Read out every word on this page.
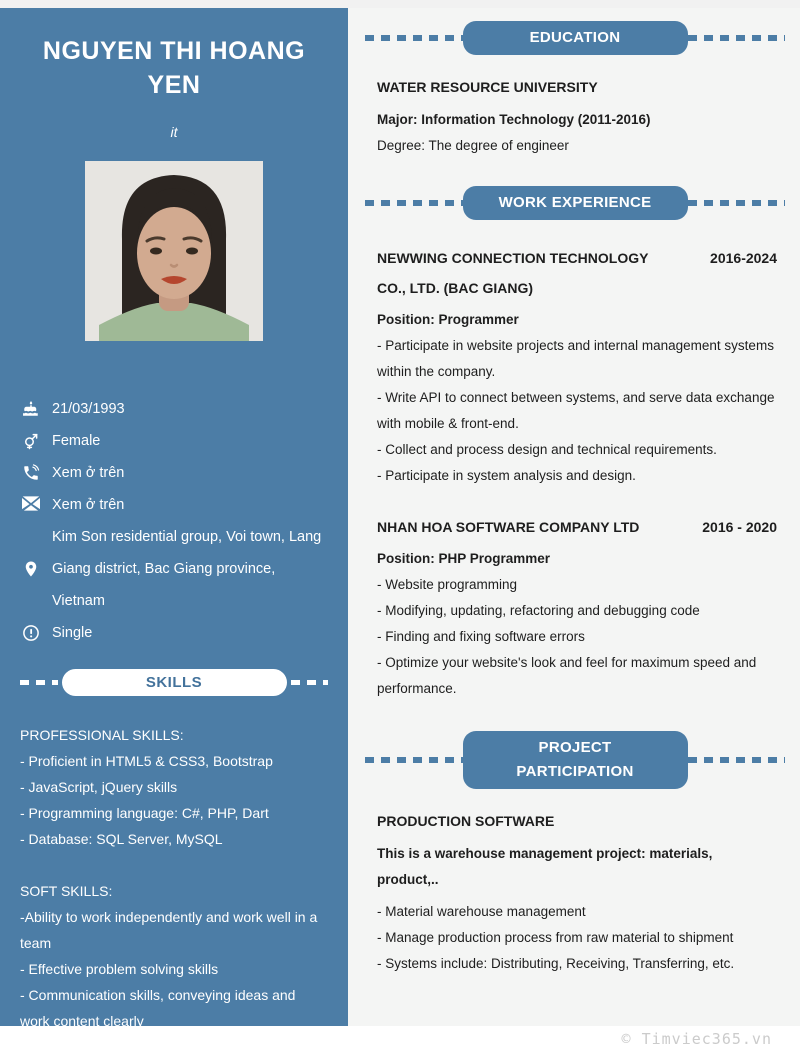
NGUYEN THI HOANG YEN
it
21/03/1993
Female
Xem ở trên
Xem ở trên
Kim Son residential group, Voi town, Lang Giang district, Bac Giang province, Vietnam
Single
SKILLS
PROFESSIONAL SKILLS:
- Proficient in HTML5 & CSS3, Bootstrap
- JavaScript, jQuery skills
- Programming language: C#, PHP, Dart
- Database: SQL Server, MySQL
SOFT SKILLS:
-Ability to work independently and work well in a team
- Effective problem solving skills
- Communication skills, conveying ideas and work content clearly
EDUCATION
WATER RESOURCE UNIVERSITY
Major: Information Technology (2011-2016)
Degree: The degree of engineer
WORK EXPERIENCE
NEWWING CONNECTION TECHNOLOGY CO., LTD. (BAC GIANG)
2016-2024
Position: Programmer
- Participate in website projects and internal management systems within the company.
- Write API to connect between systems, and serve data exchange with mobile & front-end.
- Collect and process design and technical requirements.
- Participate in system analysis and design.
NHAN HOA SOFTWARE COMPANY LTD	2016 - 2020
Position: PHP Programmer
- Website programming
- Modifying, updating, refactoring and debugging code
- Finding and fixing software errors
- Optimize your website's look and feel for maximum speed and performance.
PROJECT PARTICIPATION
PRODUCTION SOFTWARE
This is a warehouse management project: materials, product,..
- Material warehouse management
- Manage production process from raw material to shipment
- Systems include: Distributing, Receiving, Transferring, etc.
© Timviec365.vn
